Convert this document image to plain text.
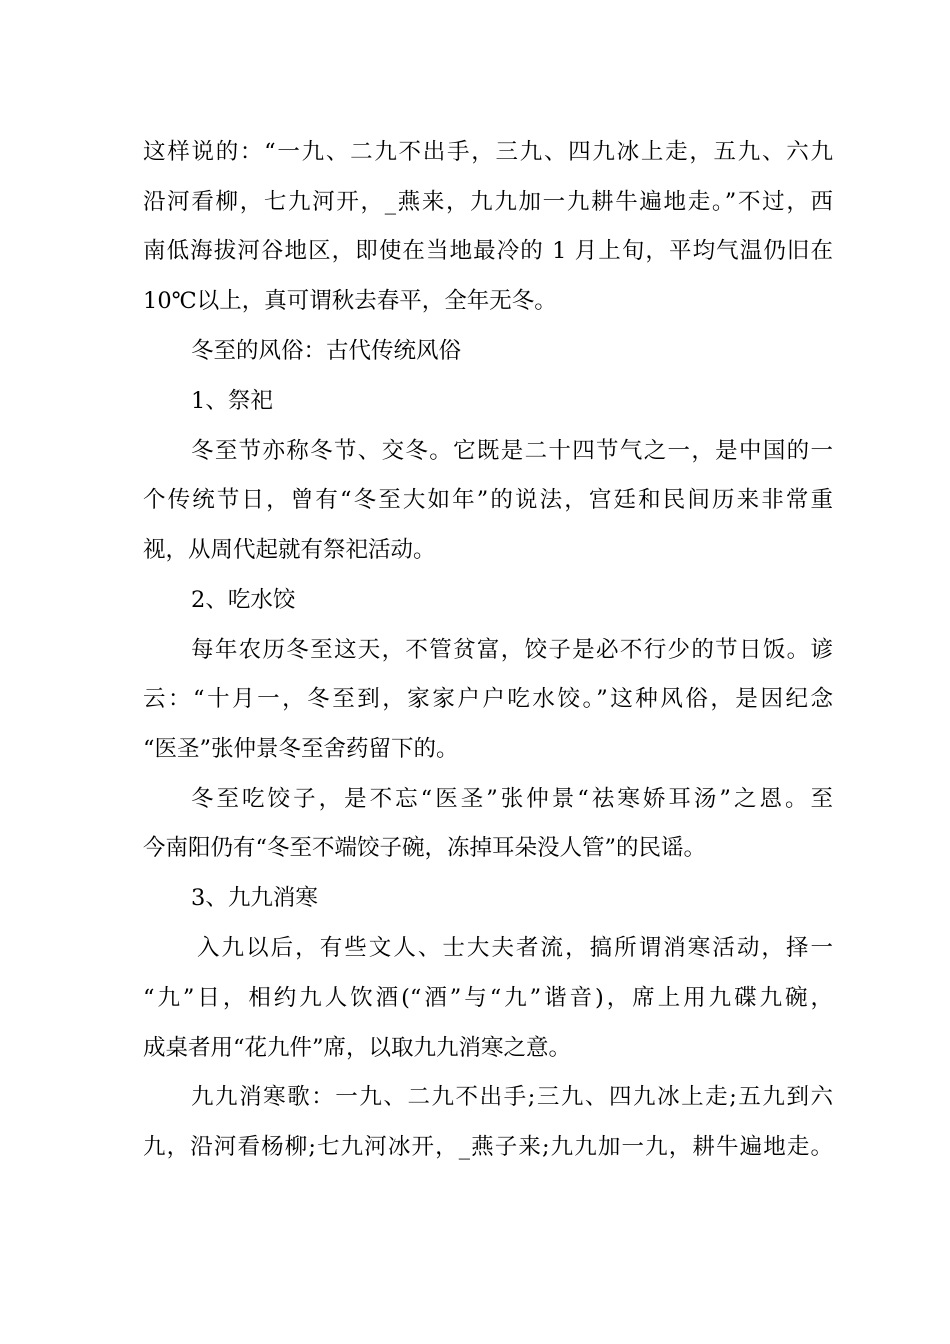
这样说的：“一九、二九不出手，三九、四九冰上走，五九、六九
沿河看柳，七九河开，_燕来，九九加一九耕牛遍地走。”不过，西
南低海拔河谷地区，即使在当地最冷的 1 月上旬，平均气温仍旧在
10℃以上，真可谓秋去春平，全年无冬。
冬至的风俗：古代传统风俗
1、祭祀
冬至节亦称冬节、交冬。它既是二十四节气之一，是中国的一
个传统节日，曾有“冬至大如年”的说法，宫廷和民间历来非常重
视，从周代起就有祭祀活动。
2、吃水饺
每年农历冬至这天，不管贫富，饺子是必不行少的节日饭。谚
云：“十月一，冬至到，家家户户吃水饺。”这种风俗，是因纪念
“医圣”张仲景冬至舍药留下的。
冬至吃饺子，是不忘“医圣”张仲景“祛寒娇耳汤”之恩。至
今南阳仍有“冬至不端饺子碗，冻掉耳朵没人管”的民谣。
3、九九消寒
入九以后，有些文人、士大夫者流，搞所谓消寒活动，择一
“九”日，相约九人饮酒(“酒”与“九”谐音)，席上用九碟九碗，
成桌者用“花九件”席，以取九九消寒之意。
九九消寒歌：一九、二九不出手;三九、四九冰上走;五九到六
九，沿河看杨柳;七九河冰开，_燕子来;九九加一九，耕牛遍地走。
